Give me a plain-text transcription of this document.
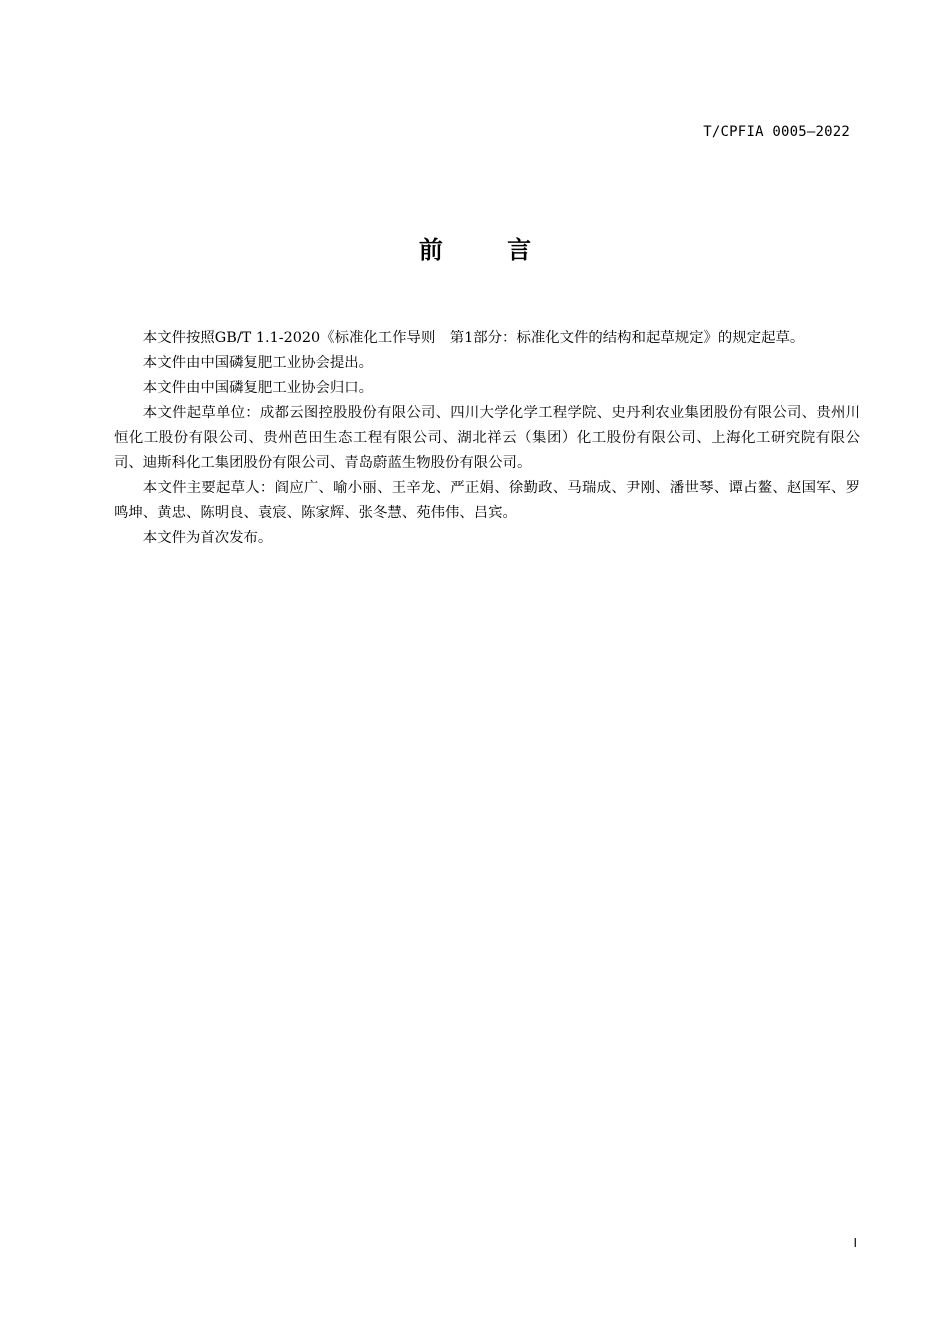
T/CPFIA 0005—2022
前 言

本文件按照GB/T 1.1-2020《标准化工作导则　第1部分：标准化文件的结构和起草规定》的规定起草。

本文件由中国磷复肥工业协会提出。

本文件由中国磷复肥工业协会归口。

本文件起草单位：成都云图控股股份有限公司、四川大学化学工程学院、史丹利农业集团股份有限公司、贵州川恒化工股份有限公司、贵州芭田生态工程有限公司、湖北祥云（集团）化工股份有限公司、上海化工研究院有限公司、迪斯科化工集团股份有限公司、青岛蔚蓝生物股份有限公司。

本文件主要起草人：阎应广、喻小丽、王辛龙、严正娟、徐勤政、马瑞成、尹刚、潘世琴、谭占鳌、赵国军、罗鸣坤、黄忠、陈明良、袁宸、陈家辉、张冬慧、苑伟伟、吕宾。

本文件为首次发布。

I
